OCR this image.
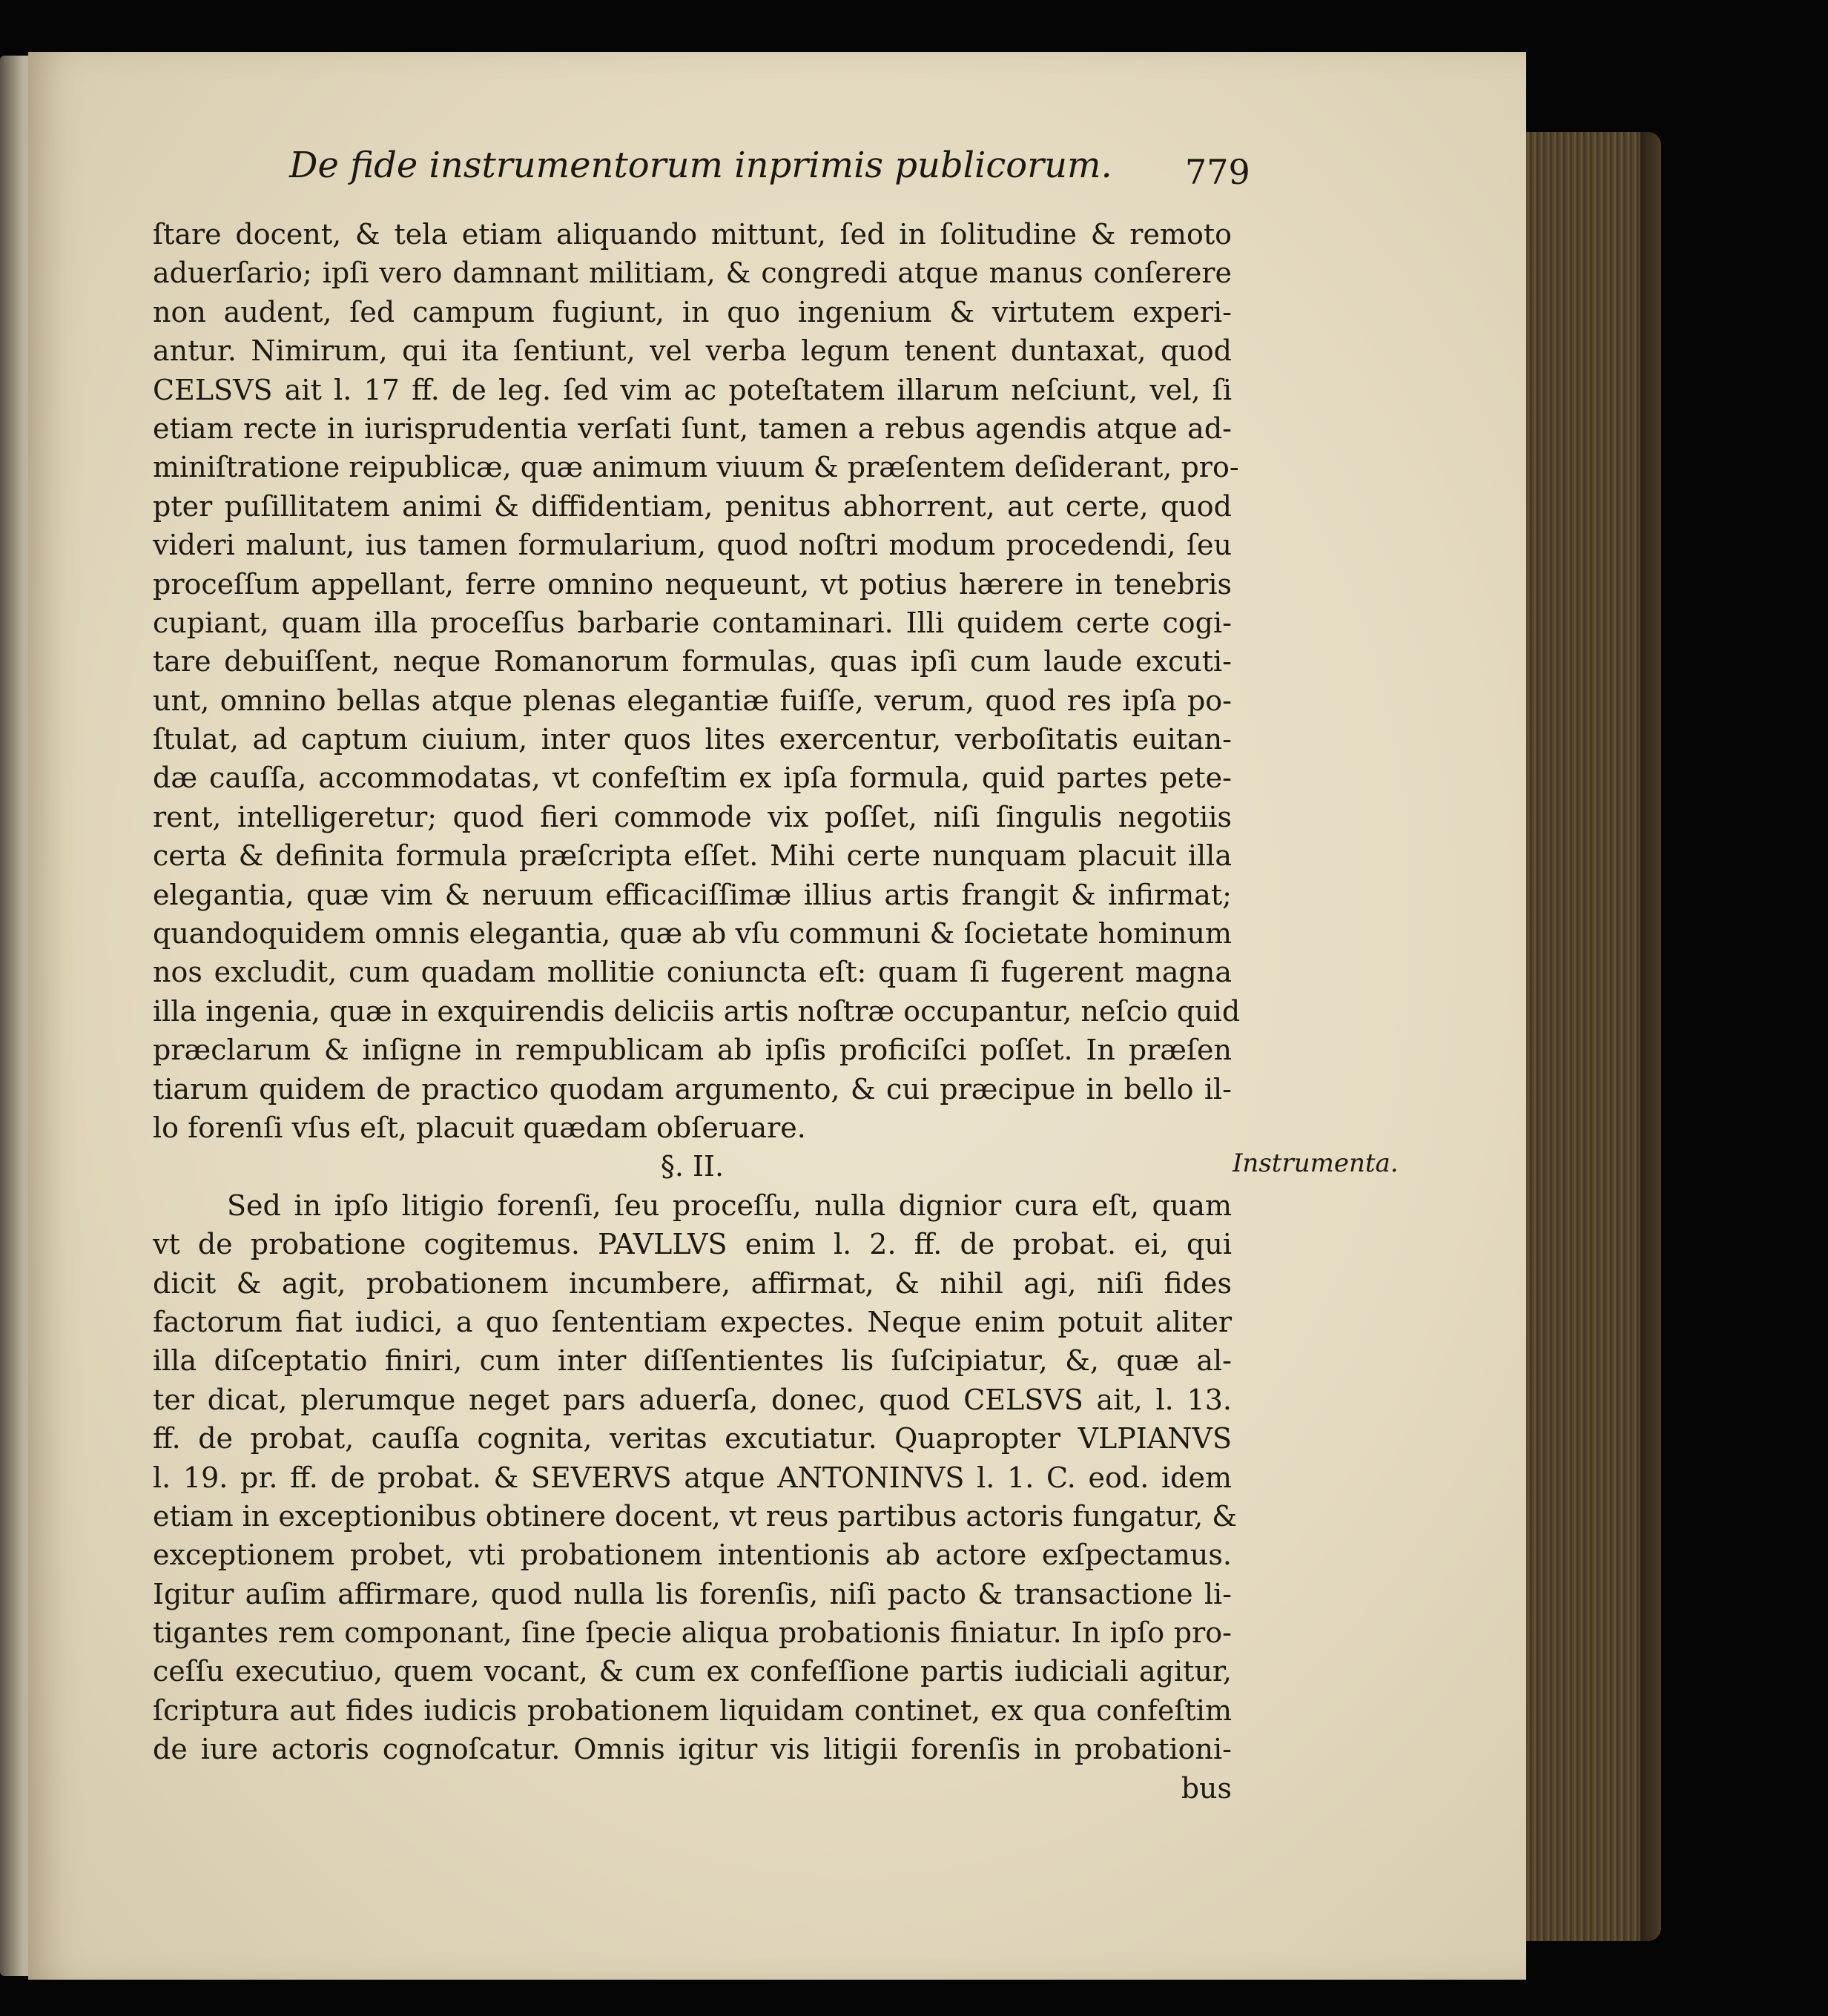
De fide instrumentorum inprimis publicorum.	779
ſtare docent, & tela etiam aliquando mittunt, ſed in ſolitudine & remoto
aduerſario; ipſi vero damnant militiam, & congredi atque manus conſerere
non audent, ſed campum fugiunt, in quo ingenium & virtutem experi-
antur. Nimirum, qui ita ſentiunt, vel verba legum tenent duntaxat, quod
CELSVS ait l. 17 ff. de leg. ſed vim ac poteſtatem illarum neſciunt, vel, ſi
etiam recte in iurisprudentia verſati ſunt, tamen a rebus agendis atque ad-
miniſtratione reipublicæ, quæ animum viuum & præſentem deſiderant, pro-
pter puſillitatem animi & diffidentiam, penitus abhorrent, aut certe, quod
videri malunt, ius tamen formularium, quod noſtri modum procedendi, ſeu
proceſſum appellant, ferre omnino nequeunt, vt potius hærere in tenebris
cupiant, quam illa proceſſus barbarie contaminari. Illi quidem certe cogi-
tare debuiſſent, neque Romanorum formulas, quas ipſi cum laude excuti-
unt, omnino bellas atque plenas elegantiæ fuiſſe, verum, quod res ipſa po-
ſtulat, ad captum ciuium, inter quos lites exercentur, verboſitatis euitan-
dæ cauſſa, accommodatas, vt confeſtim ex ipſa formula, quid partes pete-
rent, intelligeretur; quod fieri commode vix poſſet, niſi ſingulis negotiis
certa & definita formula præſcripta eſſet. Mihi certe nunquam placuit illa
elegantia, quæ vim & neruum efficaciſſimæ illius artis frangit & infirmat;
quandoquidem omnis elegantia, quæ ab vſu communi & ſocietate hominum
nos excludit, cum quadam mollitie coniuncta eſt: quam ſi fugerent magna
illa ingenia, quæ in exquirendis deliciis artis noſtræ occupantur, neſcio quid
præclarum & inſigne in rempublicam ab ipſis proficiſci poſſet. In præſen
tiarum quidem de practico quodam argumento, & cui præcipue in bello il-
lo forenſi vſus eſt, placuit quædam obſeruare.
§. II.
Sed in ipſo litigio forenſi, ſeu proceſſu, nulla dignior cura eſt, quam
vt de probatione cogitemus. PAVLLVS enim l. 2. ff. de probat. ei, qui
dicit & agit, probationem incumbere, affirmat, & nihil agi, niſi fides
factorum fiat iudici, a quo ſententiam expectes. Neque enim potuit aliter
illa diſceptatio finiri, cum inter diſſentientes lis ſuſcipiatur, &, quæ al-
ter dicat, plerumque neget pars aduerſa, donec, quod CELSVS ait, l. 13.
ff. de probat, cauſſa cognita, veritas excutiatur. Quapropter VLPIANVS
l. 19. pr. ff. de probat. & SEVERVS atque ANTONINVS l. 1. C. eod. idem
etiam in exceptionibus obtinere docent, vt reus partibus actoris fungatur, &
exceptionem probet, vti probationem intentionis ab actore exſpectamus.
Igitur auſim affirmare, quod nulla lis forenſis, niſi pacto & transactione li-
tigantes rem componant, ſine ſpecie aliqua probationis finiatur. In ipſo pro-
ceſſu executiuo, quem vocant, & cum ex confeſſione partis iudiciali agitur,
ſcriptura aut fides iudicis probationem liquidam continet, ex qua confeſtim
de iure actoris cognoſcatur. Omnis igitur vis litigii forenſis in probationi-
bus
Instrumenta.
